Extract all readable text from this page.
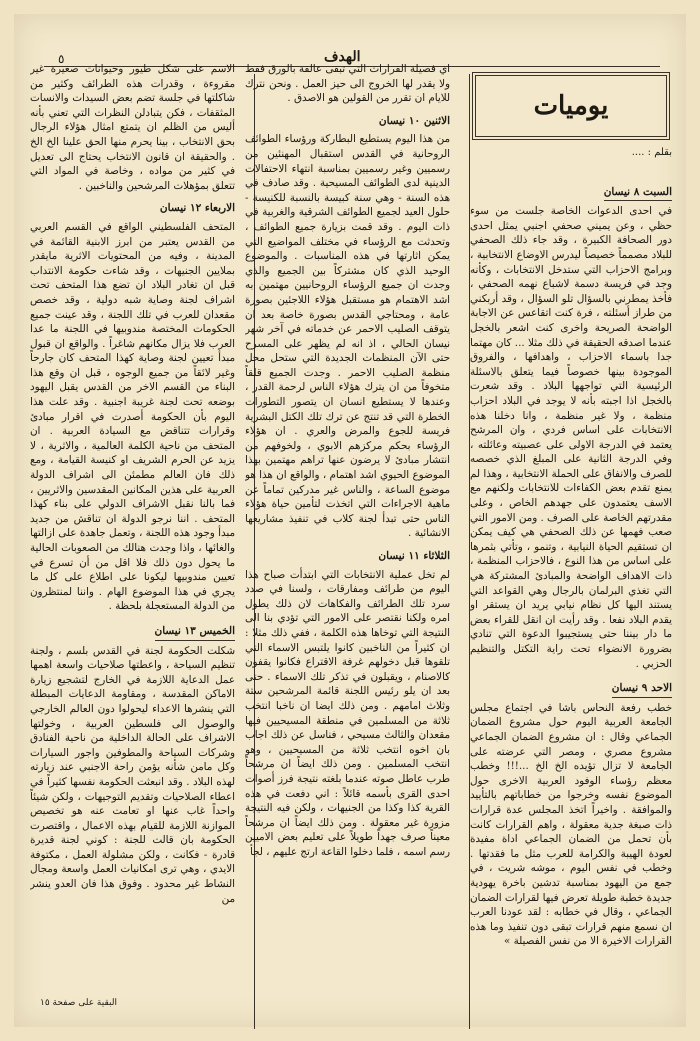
٥	الهدف
يوميات
بقلم : ....
السبت ٨ نيسان

في احدى الدعوات الخاصة جلست من سوء حظي ، وعن يميني صحفي اجنبي يمثل احدى دور الصحافة الكبيرة ، وقد جاء ذلك الصحفي للبلاد مصمماً خصيصاً ليدرس الاوضاع الانتخابية ، وبرامج الاحزاب التي ستدخل الانتخابات ، وكأنه وجد في فريسة دسمة لاشباع نهمه الصحفي ، فأخذ يمطرني بالسؤال تلو السؤال ، وقد أربكني من طراز أسئلته ، فرة كنت اتقاعس عن الاجابة الواضحة الصريحة واخرى كنت اشعر بالخجل عندما اصدقه الحقيقة في ذلك مثلا ... كان مهتما جدا باسماء الاحزاب ، واهدافها ، والفروق الموجودة بينها خصوصاً فيما يتعلق بالاسئلة الرئيسية التي تواجهها البلاد . وقد شعرت بالخجل اذا اجبته بأنه لا يوجد في البلاد احزاب منظمة ، ولا غير منظمة ، وانا دخلنا هذه الانتخابات على اساس فردي ، وان المرشح يعتمد في الدرجة الاولى على عصبيته وعائلته ، وفي الدرجة الثانية على المبلغ الذي خصصه للصرف والانفاق على الحملة الانتخابية ، وهذا لم يمنع تقدم بعض الكفاءات للانتخابات ولكنهم مع الاسف يعتمدون على جهدهم الخاص ، وعلى مقدرتهم الخاصة على الصرف . ومن الامور التي صعب فهمها عن ذلك الصحفي هي كيف يمكن ان تستقيم الحياة النيابية ، وتنمو ، وتأتي بثمرها على اساس من هذا النوع ، فالاحزاب المنظمة ، ذات الاهداف الواضحة والمبادئ المشتركة هي التي تغذي البرلمان بالرجال وهي القواعد التي يستند اليها كل نظام نيابي يريد ان يستقر او يقدم البلاد نفعا . وقد رأيت ان انقل للقراء بعض ما دار بيننا حتى يستجيبوا الدعوة التي تنادي بضرورة الانضواء تحت راية التكتل والتنظيم الحزبي .

الاحد ٩ نيسان

خطب رفعة النحاس باشا في اجتماع مجلس الجامعة العربية اليوم حول مشروع الضمان الجماعي وقال : ان مشروع الضمان الجماعي مشروع مصري ، ومصر التي عرضته على الجامعة لا تزال تؤيده الخ الخ ...!!! وخطب معظم رؤساء الوفود العربية الاخرى حول الموضوع نفسه وخرجوا من خطاباتهم بالتأييد والموافقة . واخيراً اتخذ المجلس عدة قرارات ذات صبغة جدية معقولة ، واهم القرارات كانت بأن تحمل من الضمان الجماعي اداة مفيدة لعودة الهيبة والكرامة للعرب مثل ما فقدتها . وخطب في نفس اليوم ، موشه شريت ، في جمع من اليهود بمناسبة تدشين باخرة يهودية جديدة خطبة طويلة تعرض فيها لقرارات الضمان الجماعي ، وقال في خطابه : لقد عودنا العرب ان نسمع منهم قرارات تبقى دون تنفيذ وما هذه القرارات الاخيرة الا من نفس الفصيلة »

اي فصيلة القرارات التي تبقى عالقة بالورق فقط ولا يقدر لها الخروج الى حيز العمل . ونحن نترك للايام ان تقرر من القولين هو الاصدق .

الاثنين ١٠ نيسان

من هذا اليوم يستطيع البطاركة ورؤساء الطوائف الروحانية في القدس استقبال المهنئين من رسميين وغير رسميين بمناسبة انتهاء الاحتفالات الدينية لدى الطوائف المسيحية . وقد صادف في هذه السنة - وهي سنة كبيسة بالنسبة للكنيسة - حلول العيد لجميع الطوائف الشرقية والغربية في ذات اليوم . وقد قمت بزيارة جميع الطوائف ، وتحدثت مع الرؤساء في مختلف المواضيع التي يمكن اثارتها في هذه المناسبات . والموضوع الوحيد الذي كان مشتركاً بين الجميع والذي وجدت ان جميع الرؤساء الروحانيين مهتمين به اشد الاهتمام هو مستقبل هؤلاء اللاجئين بصورة عامة ، ومحتاجي القدس بصورة خاصة بعد ان يتوقف الصليب الاحمر عن خدماته في آخر شهر نيسان الحالي ، اذ انه لم يظهر على المسرح حتى الآن المنظمات الجديدة التي ستحل محل منظمة الصليب الاحمر . وجدت الجميع قلقاً متخوفاً من ان يترك هؤلاء الناس لرحمة القدر ، وعندها لا يستطيع انسان ان يتصور التطورات الخطرة التي قد تنتج عن ترك تلك الكتل البشرية فريسة للجوع والمرض والعري . ان هؤلاء الرؤساء بحكم مركزهم الابوي ، ولخوفهم من انتشار مبادئ لا يرضون عنها تراهم مهتمين بهذا الموضوع الحيوي اشد اهتمام ، والواقع ان هذا هو موضوع الساعة ، والناس غير مدركين تماماً عن ماهية الاجراءات التي اتخذت لتأمين حياة هؤلاء الناس حتى تبدأ لجنة كلاب في تنفيذ مشاريعها الانشائية .

الثلاثاء ١١ نيسان

لم تخل عملية الانتخابات التي ابتدأت صباح هذا اليوم من طرائف ومفارقات ، ولسنا في صدد سرد تلك الطرائف والفكاهات لان ذلك يطول امره ولكنا نقتصر على الامور التي تؤدي بنا الى النتيجة التي توخاها هذه الكلمة ، ففي ذلك مثلا : ان كثيراً من الناخبين كانوا يلتبس الاسماء التي تلقوها قبل دخولهم غرفة الاقتراع فكانوا يقفون كالاصنام ، ويقبلون في تذكر تلك الاسماء . حتى بعد ان يلو رئيس اللجنة قائمة المرشحين ستة وثلاث امامهم . ومن ذلك ايضا ان ناخبا انتخب ثلاثة من المسلمين في منطقة المسيحيين فيها مقعدان والثالث مسيحي ، فناسل عن ذلك اجاب بان اخوه انتخب ثلاثة من المسيحيين ، وهو انتخب المسلمين . ومن ذلك ايضاً ان مرشحاً طرب عاطل صوته عندما بلغته نتيجة فرز أصوات احدى القرى بأسمه قائلاً : اني دفعت في هذه القرية كذا وكذا من الجنيهات ، ولكن فيه النتيجة مزورة غير معقولة . ومن ذلك ايضاً ان مرشحاً معيناً صرف جهداً طويلاً على تعليم بعض الاميين رسم اسمه ، فلما دخلوا القاعة ارتج عليهم ، لجأ

الاسم على شكل طيور وحيوانات صغيرة غير مقروءة ، وقدرات هذه الطرائف وكثير من شاكلتها في جلسة تضم بعض السيدات والانسات المثقفات ، فكن يتبادلن النظرات التي تعني بأنه أليس من الظلم ان يتمتع امثال هؤلاء الرجال بحق الانتخاب ، بينا يحرم منها الحق علينا الخ الخ . والحقيقة ان قانون الانتخاب يحتاج الى تعديل في كثير من مواده ، وخاصة في المواد التي تتعلق بمؤهلات المرشحين والناخبين .

الاربعاء ١٢ نيسان

المتحف الفلسطيني الواقع في القسم العربي من القدس يعتبر من ابرز الابنية القائمة في المدينة ، وفيه من المحتويات الاثرية مايقدر بملايين الجنيهات ، وقد شاءت حكومة الانتداب قبل ان تغادر البلاد ان تضع هذا المتحف تحت اشراف لجنة وصاية شبه دولية ، وقد خصص مقعدان للعرب في تلك اللجنة ، وقد عينت جميع الحكومات المختصة مندوبيها في اللجنة ما عدا العرب فلا يزال مكانهم شاغراً . والواقع ان قبول مبدأ تعيين لجنة وصاية كهذا المتحف كان جارحاً وغير لائقاً من جميع الوجوه ، قبل ان وقع هذا البناء من القسم الاخر من القدس يقبل اليهود بوضعه تحت لجنة غريبة اجنبية . وقد علت هذا اليوم بأن الحكومة أصدرت في اقرار مبادئ وقرارات تتناقض مع السيادة العربية . ان المتحف من ناحية الكلمة العالمية ، والاثرية ، لا يزيد عن الحرم الشريف او كنيسة القيامة ، ومع ذلك فان العالم مطمئن الى اشراف الدولة العربية على هذين المكانين المقدسين والاثريين ، فما بالنا نقبل الاشراف الدولي على بناء كهذا المتحف . اننا نرجو الدولة ان تناقش من جديد مبدأ وجود هذه اللجنة ، وتعمل جاهدة على ازالتها والغائها ، واذا وجدت هنالك من الصعوبات الحالية ما يحول دون ذلك فلا اقل من أن تسرع في تعيين مندوبيها ليكونا على اطلاع على كل ما يجري في هذا الموضوع الهام . واننا لمنتظرون من الدولة المستعجلة بلحظة .

الخميس ١٣ نيسان

شكلت الحكومة لجنة في القدس بلسم ، ولجنة تنظيم السياحة ، واعطتها صلاحيات واسعة اهمها عمل الدعاية اللازمة في الخارج لتشجيع زيارة الاماكن المقدسة ، ومقاومة الدعايات المبطلة التي ينشرها الاعداء ليحولوا دون العالم الخارجي والوصول الى فلسطين العربية ، وخولتها الاشراف على الحالة الداخلية من ناحية الفنادق وشركات السياحة والمطوفين واجور السيارات وكل مامن شأنه يؤمن راحة الاجنبي عند زيارته لهذه البلاد . وقد انبعثت الحكومة نفسها كثيراً في اعطاء الصلاحيات وتقديم التوجيهات ، ولكن شيئاً واحداً غاب عنها او تعامت عنه هو تخصيص الموازنة اللازمة للقيام بهذه الاعمال ، واقتصرت الحكومة بان قالت للجنة : كوني لجنة قديرة قادرة - فكانت ، ولكن مشلولة العمل ، مكتوفة الايدي ، وهي ترى امكانيات العمل واسعة ومجال النشاط غير محدود . وفوق هذا فان العدو ينشر من

البقية على صفحة ١٥
